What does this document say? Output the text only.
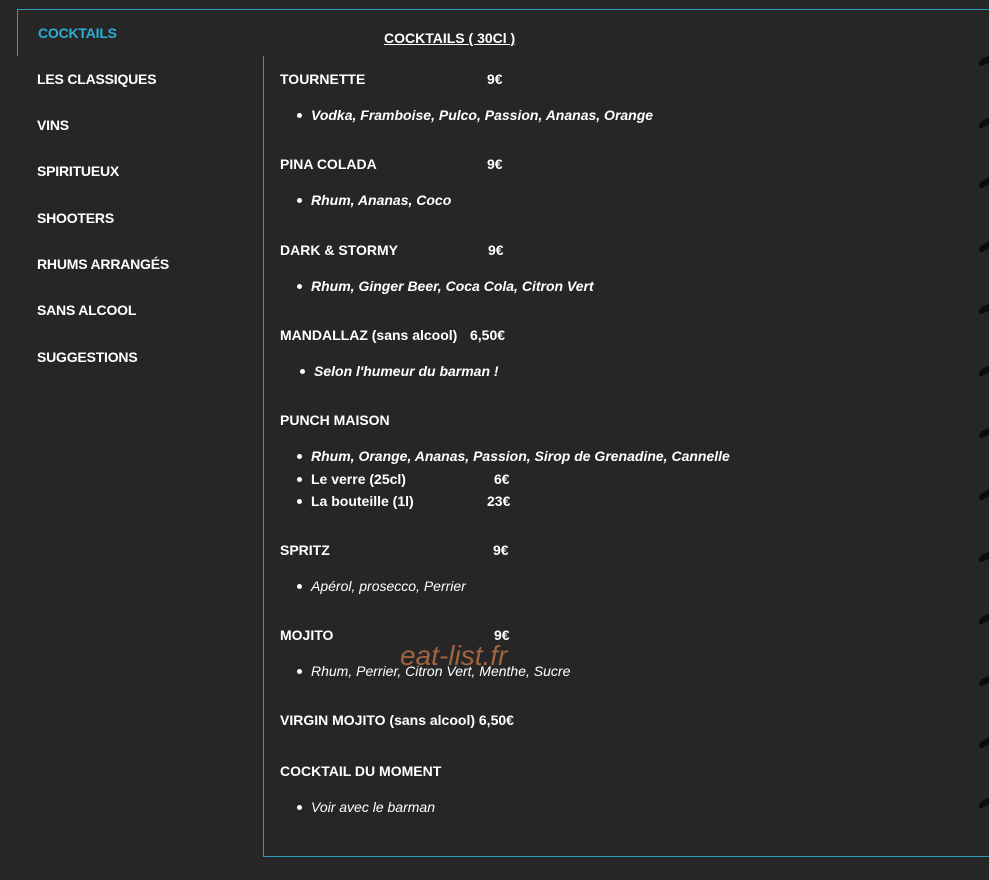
COCKTAILS
LES CLASSIQUES
VINS
SPIRITUEUX
SHOOTERS
RHUMS ARRANGÉS
SANS ALCOOL
SUGGESTIONS
COCKTAILS ( 30Cl )
TOURNETTE	9€
Vodka, Framboise, Pulco, Passion, Ananas, Orange
PINA COLADA	9€
Rhum, Ananas, Coco
DARK & STORMY	9€
Rhum, Ginger Beer, Coca Cola, Citron Vert
MANDALLAZ (sans alcool) 6,50€
Selon l'humeur du barman !
PUNCH MAISON
Rhum, Orange, Ananas, Passion, Sirop de Grenadine, Cannelle
Le verre (25cl)	6€
La bouteille (1l)	23€
SPRITZ	9€
Apérol, prosecco, Perrier
MOJITO	9€
Rhum, Perrier, Citron Vert, Menthe, Sucre
VIRGIN MOJITO (sans alcool) 6,50€
COCKTAIL DU MOMENT
Voir avec le barman
eat-list.fr
